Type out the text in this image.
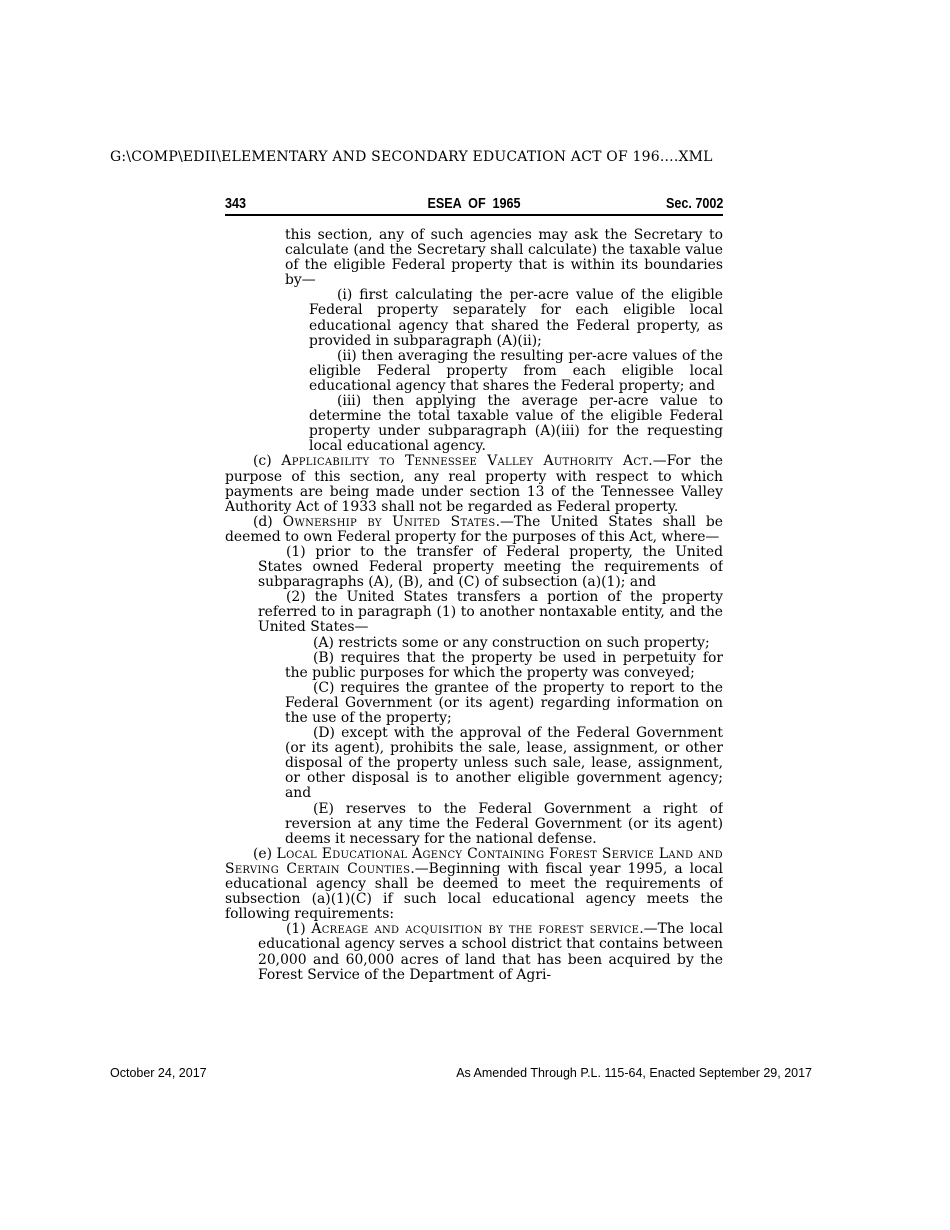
G:\COMP\EDII\ELEMENTARY AND SECONDARY EDUCATION ACT OF 196....XML
343	ESEA OF 1965	Sec. 7002

this section, any of such agencies may ask the Secretary to calculate (and the Secretary shall calculate) the taxable value of the eligible Federal property that is within its boundaries by—

(i) first calculating the per-acre value of the eligible Federal property separately for each eligible local educational agency that shared the Federal property, as provided in subparagraph (A)(ii);

(ii) then averaging the resulting per-acre values of the eligible Federal property from each eligible local educational agency that shares the Federal property; and

(iii) then applying the average per-acre value to determine the total taxable value of the eligible Federal property under subparagraph (A)(iii) for the requesting local educational agency.

(c) Applicability to Tennessee Valley Authority Act.—For the purpose of this section, any real property with respect to which payments are being made under section 13 of the Tennessee Valley Authority Act of 1933 shall not be regarded as Federal property.

(d) Ownership by United States.—The United States shall be deemed to own Federal property for the purposes of this Act, where—

(1) prior to the transfer of Federal property, the United States owned Federal property meeting the requirements of subparagraphs (A), (B), and (C) of subsection (a)(1); and

(2) the United States transfers a portion of the property referred to in paragraph (1) to another nontaxable entity, and the United States—

(A) restricts some or any construction on such property;

(B) requires that the property be used in perpetuity for the public purposes for which the property was conveyed;

(C) requires the grantee of the property to report to the Federal Government (or its agent) regarding information on the use of the property;

(D) except with the approval of the Federal Government (or its agent), prohibits the sale, lease, assignment, or other disposal of the property unless such sale, lease, assignment, or other disposal is to another eligible government agency; and

(E) reserves to the Federal Government a right of reversion at any time the Federal Government (or its agent) deems it necessary for the national defense.

(e) Local Educational Agency Containing Forest Service Land and Serving Certain Counties.—Beginning with fiscal year 1995, a local educational agency shall be deemed to meet the requirements of subsection (a)(1)(C) if such local educational agency meets the following requirements:

(1) Acreage and acquisition by the forest service.—The local educational agency serves a school district that contains between 20,000 and 60,000 acres of land that has been acquired by the Forest Service of the Department of Agri-

October 24, 2017	As Amended Through P.L. 115-64, Enacted September 29, 2017
